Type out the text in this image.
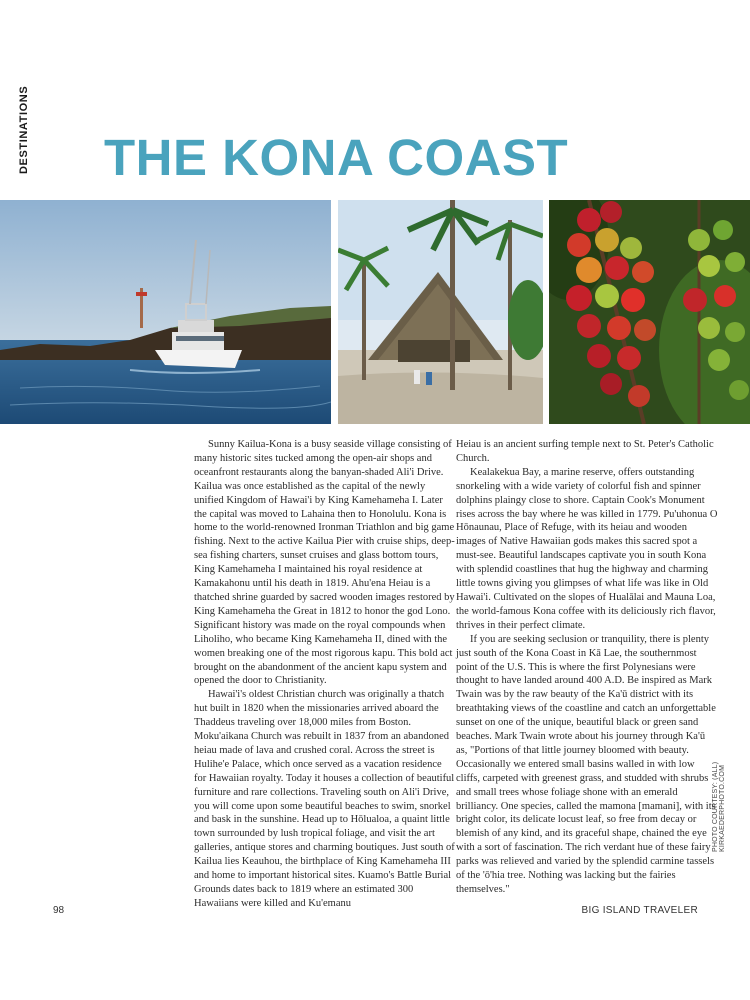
DESTINATIONS THE KONA COAST

Sunny Kailua-Kona is a busy seaside village consisting of many historic sites tucked among the open-air shops and oceanfront restaurants along the banyan-shaded Ali'i Drive. Kailua was once established as the capital of the newly unified Kingdom of Hawai'i by King Kamehameha I. Later the capital was moved to Lahaina then to Honolulu. Kona is home to the world-renowned Ironman Triathlon and big game fishing. Next to the active Kailua Pier with cruise ships, deep-sea fishing charters, sunset cruises and glass bottom tours, King Kamehameha I maintained his royal residence at Kamakahonu until his death in 1819. Ahu'ena Heiau is a thatched shrine guarded by sacred wooden images restored by King Kamehameha the Great in 1812 to honor the god Lono. Significant history was made on the royal compounds when Liholiho, who became King Kamehameha II, dined with the women breaking one of the most rigorous kapu. This bold act brought on the abandonment of the ancient kapu system and opened the door to Christianity.

Hawai'i's oldest Christian church was originally a thatch hut built in 1820 when the missionaries arrived aboard the Thaddeus traveling over 18,000 miles from Boston. Moku'aikana Church was rebuilt in 1837 from an abandoned heiau made of lava and crushed coral. Across the street is Hulihe'e Palace, which once served as a vacation residence for Hawaiian royalty. Today it houses a collection of beautiful furniture and rare collections. Traveling south on Ali'i Drive, you will come upon some beautiful beaches to swim, snorkel and bask in the sunshine. Head up to Hōlualoa, a quaint little town surrounded by lush tropical foliage, and visit the art galleries, antique stores and charming boutiques. Just south of Kailua lies Keauhou, the birthplace of King Kamehameha III and home to important historical sites. Kuamo's Battle Burial Grounds dates back to 1819 where an estimated 300 Hawaiians were killed and Ku'emanu

Heiau is an ancient surfing temple next to St. Peter's Catholic Church.

Kealakekua Bay, a marine reserve, offers outstanding snorkeling with a wide variety of colorful fish and spinner dolphins plaingy close to shore. Captain Cook's Monument rises across the bay where he was killed in 1779. Pu'uhonua O Hōnaunau, Place of Refuge, with its heiau and wooden images of Native Hawaiian gods makes this sacred spot a must-see. Beautiful landscapes captivate you in south Kona with splendid coastlines that hug the highway and charming little towns giving you glimpses of what life was like in Old Hawai'i. Cultivated on the slopes of Hualālai and Mauna Loa, the world-famous Kona coffee with its deliciously rich flavor, thrives in their perfect climate.

If you are seeking seclusion or tranquility, there is plenty just south of the Kona Coast in Kā Lae, the southernmost point of the U.S. This is where the first Polynesians were thought to have landed around 400 A.D. Be inspired as Mark Twain was by the raw beauty of the Ka'ū district with its breathtaking views of the coastline and catch an unforgettable sunset on one of the unique, beautiful black or green sand beaches. Mark Twain wrote about his journey through Ka'ū as, "Portions of that little journey bloomed with beauty. Occasionally we entered small basins walled in with low cliffs, carpeted with greenest grass, and studded with shrubs and small trees whose foliage shone with an emerald brilliancy. One species, called the mamona [mamani], with its bright color, its delicate locust leaf, so free from decay or blemish of any kind, and its graceful shape, chained the eye with a sort of fascination. The rich verdant hue of these fairy parks was relieved and varied by the splendid carmine tassels of the 'ō'hia tree. Nothing was lacking but the fairies themselves."

PHOTO COURTESY: (ALL) KIRKAEDERPHOTO.COM
98	BIG ISLAND TRAVELER
